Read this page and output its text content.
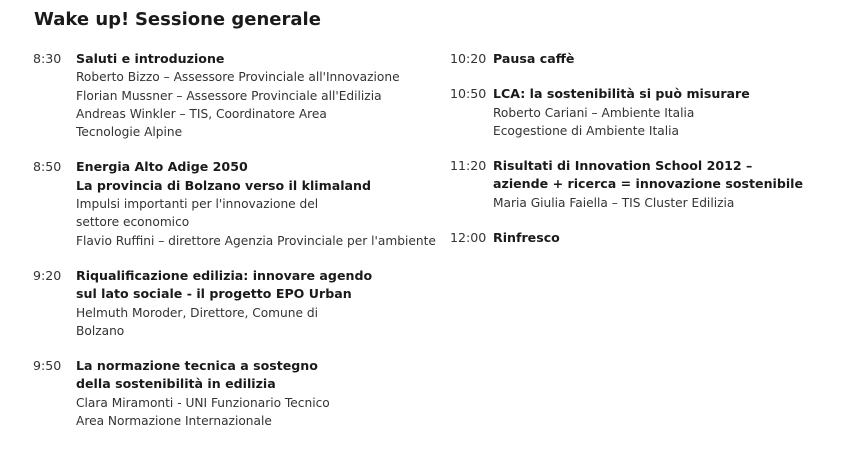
Wake up! Sessione generale
8:30	Saluti e introduzione
Roberto Bizzo – Assessore Provinciale all'Innovazione
Florian Mussner – Assessore Provinciale all'Edilizia
Andreas Winkler – TIS, Coordinatore Area
Tecnologie Alpine
8:50	Energia Alto Adige 2050
La provincia di Bolzano verso il klimaland
Impulsi importanti per l'innovazione del
settore economico
Flavio Ruffini – direttore Agenzia Provinciale per l'ambiente
9:20	Riqualificazione edilizia: innovare agendo
sul lato sociale - il progetto EPO Urban
Helmuth Moroder, Direttore, Comune di
Bolzano
9:50	La normazione tecnica a sostegno
della sostenibilità in edilizia
Clara Miramonti - UNI Funzionario Tecnico
Area Normazione Internazionale
10:20 Pausa caffè
10:50 LCA: la sostenibilità si può misurare
Roberto Cariani – Ambiente Italia
Ecogestione di Ambiente Italia
11:20 Risultati di Innovation School 2012 –
aziende + ricerca = innovazione sostenibile
Maria Giulia Faiella – TIS Cluster Edilizia
12:00 Rinfresco
